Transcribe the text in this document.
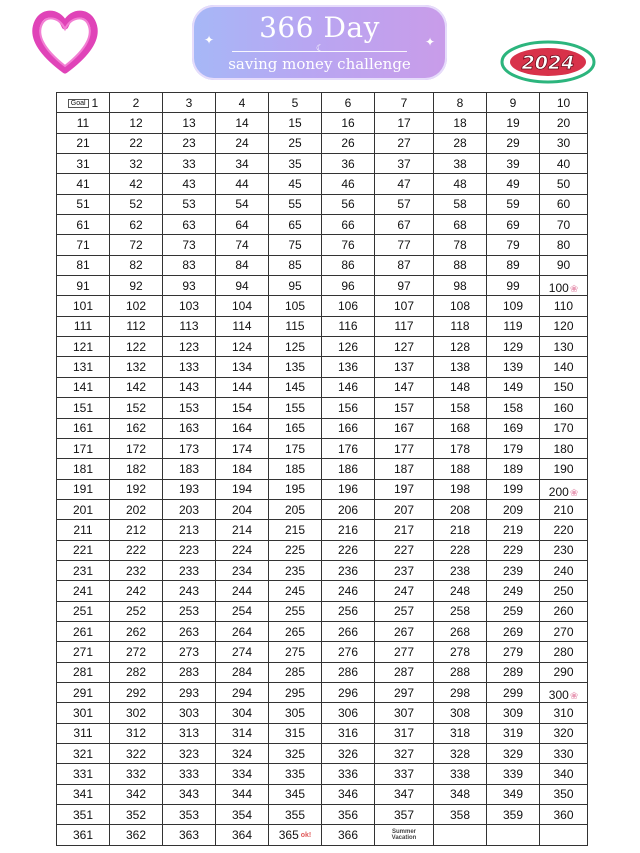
366 Day
saving money challenge
✦	✦
☾
2024
Goal 1	2	3	4	5	6	7	8	9	10
11	12	13	14	15	16	17	18	19	20
21	22	23	24	25	26	27	28	29	30
31	32	33	34	35	36	37	38	39	40
41	42	43	44	45	46	47	48	49	50
51	52	53	54	55	56	57	58	59	60
61	62	63	64	65	66	67	68	69	70
71	72	73	74	75	76	77	78	79	80
81	82	83	84	85	86	87	88	89	90
91	92	93	94	95	96	97	98	99	100❀
101	102	103	104	105	106	107	108	109	110
111	112	113	114	115	116	117	118	119	120
121	122	123	124	125	126	127	128	129	130
131	132	133	134	135	136	137	138	139	140
141	142	143	144	145	146	147	148	149	150
151	152	153	154	155	156	157	158	158	160
161	162	163	164	165	166	167	168	169	170
171	172	173	174	175	176	177	178	179	180
181	182	183	184	185	186	187	188	189	190
191	192	193	194	195	196	197	198	199	200❀
201	202	203	204	205	206	207	208	209	210
211	212	213	214	215	216	217	218	219	220
221	222	223	224	225	226	227	228	229	230
231	232	233	234	235	236	237	238	239	240
241	242	243	244	245	246	247	248	249	250
251	252	253	254	255	256	257	258	259	260
261	262	263	264	265	266	267	268	269	270
271	272	273	274	275	276	277	278	279	280
281	282	283	284	285	286	287	288	289	290
291	292	293	294	295	296	297	298	299	300❀
301	302	303	304	305	306	307	308	309	310
311	312	313	314	315	316	317	318	319	320
321	322	323	324	325	326	327	328	329	330
331	332	333	334	335	336	337	338	339	340
341	342	343	344	345	346	347	348	349	350
351	352	353	354	355	356	357	358	359	360
361	362	363	364	365 ok!	366	Summer
Vacation			
